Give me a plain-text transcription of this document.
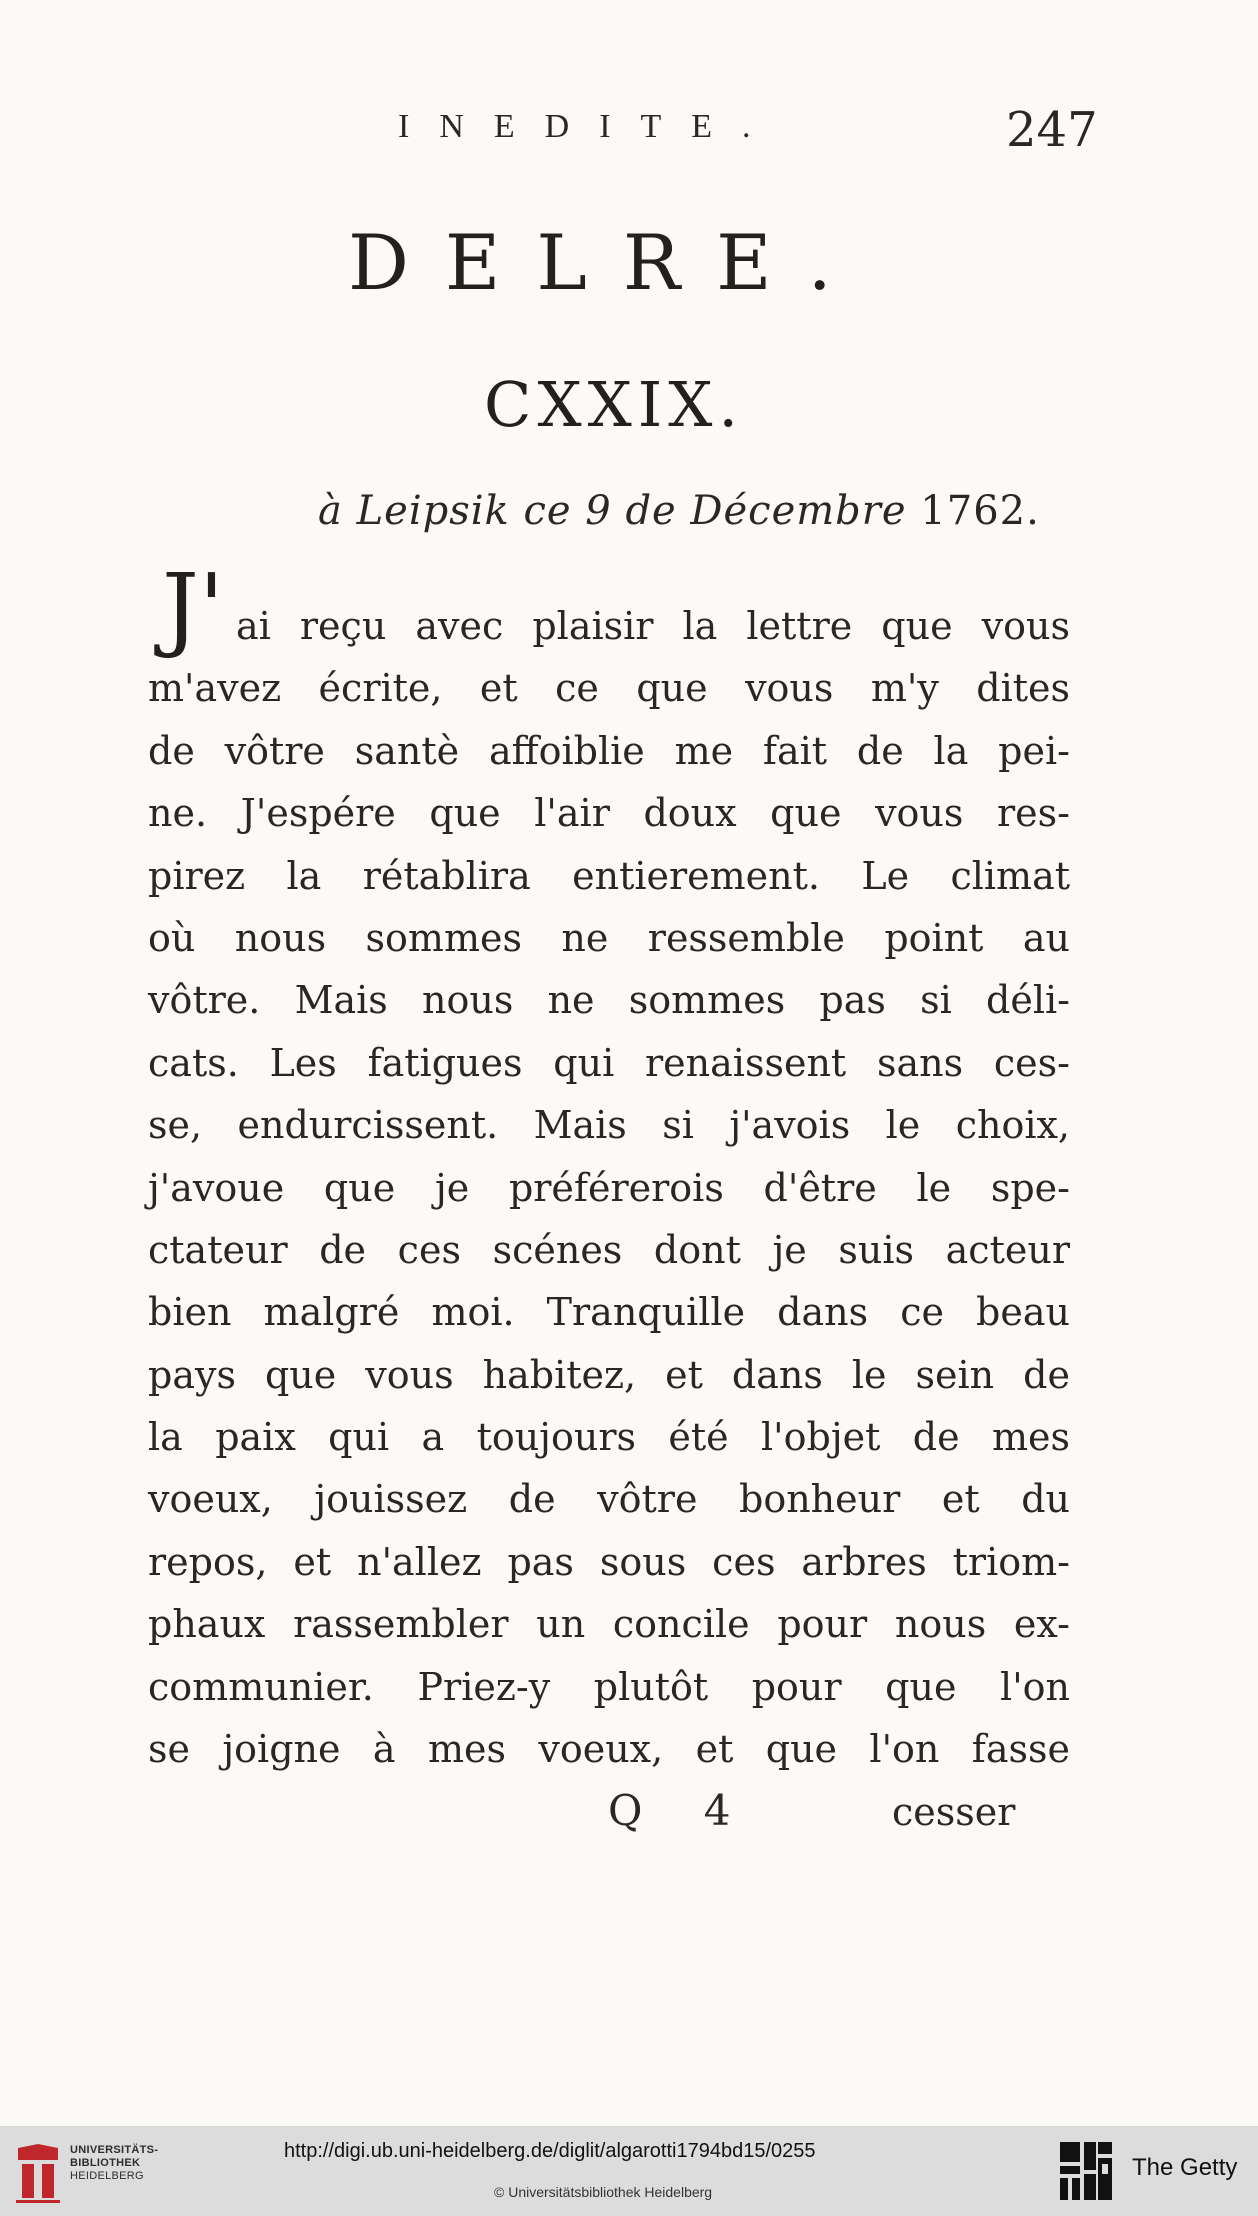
INEDITE.	247
DELRE.
CXXIX.
à Leipsik ce 9 de Décembre 1762.
J' ai reçu avec plaisir la lettre que vous
m'avez écrite, et ce que vous m'y dites
de vôtre santè affoiblie me fait de la pei-
ne. J'espére que l'air doux que vous res-
pirez la rétablira entierement. Le climat
où nous sommes ne ressemble point au
vôtre. Mais nous ne sommes pas si déli-
cats. Les fatigues qui renaissent sans ces-
se, endurcissent. Mais si j'avois le choix,
j'avoue que je préférerois d'être le spe-
ctateur de ces scénes dont je suis acteur
bien malgré moi. Tranquille dans ce beau
pays que vous habitez, et dans le sein de
la paix qui a toujours été l'objet de mes
voeux, jouissez de vôtre bonheur et du
repos, et n'allez pas sous ces arbres triom-
phaux rassembler un concile pour nous ex-
communier. Priez-y plutôt pour que l'on
se joigne à mes voeux, et que l'on fasse
Q 4	cesser
UNIVERSITÄTS-
BIBLIOTHEK
HEIDELBERG
http://digi.ub.uni-heidelberg.de/diglit/algarotti1794bd15/0255
© Universitätsbibliothek Heidelberg
The Getty
